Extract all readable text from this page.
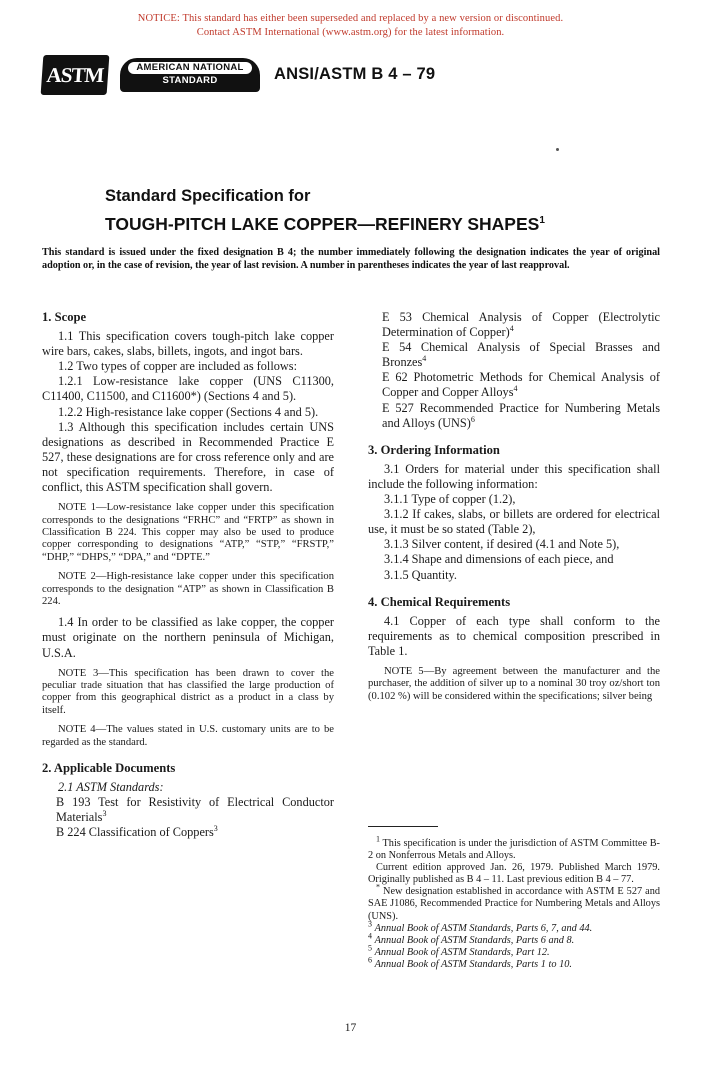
NOTICE: This standard has either been superseded and replaced by a new version or discontinued.
Contact ASTM International (www.astm.org) for the latest information.
ASTM	AMERICAN NATIONAL
STANDARD	ANSI/ASTM B 4 – 79
Standard Specification for
TOUGH-PITCH LAKE COPPER—REFINERY SHAPES$^1$
This standard is issued under the fixed designation B 4; the number immediately following the designation indicates the year of original adoption or, in the case of revision, the year of last revision. A number in parentheses indicates the year of last reapproval.
1. Scope

1.1 This specification covers tough-pitch lake copper wire bars, cakes, slabs, billets, ingots, and ingot bars.

1.2 Two types of copper are included as follows:

1.2.1 Low-resistance lake copper (UNS C11300, C11400, C11500, and C11600*) (Sections 4 and 5).

1.2.2 High-resistance lake copper (Sections 4 and 5).

1.3 Although this specification includes certain UNS designations as described in Recommended Practice E 527, these designations are for cross reference only and are not specification requirements. Therefore, in case of conflict, this ASTM specification shall govern.

NOTE 1—Low-resistance lake copper under this specification corresponds to the designations “FRHC” and “FRTP” as shown in Classification B 224. This copper may also be used to produce copper corresponding to designations “ATP,” “STP,” “FRSTP,” “DHP,” “DHPS,” “DPA,” and “DPTE.”
NOTE 2—High-resistance lake copper under this specification corresponds to the designation “ATP” as shown in Classification B 224.

1.4 In order to be classified as lake copper, the copper must originate on the northern peninsula of Michigan, U.S.A.

NOTE 3—This specification has been drawn to cover the peculiar trade situation that has classified the large production of copper from this geographical district as a product in a class by itself.
NOTE 4—The values stated in U.S. customary units are to be regarded as the standard.
2. Applicable Documents

2.1 ASTM Standards:

B 193 Test for Resistivity of Electrical Conductor Materials$^3$

B 224 Classification of Coppers$^3$

E 53 Chemical Analysis of Copper (Electrolytic Determination of Copper)$^4$

E 54 Chemical Analysis of Special Brasses and Bronzes$^4$

E 62 Photometric Methods for Chemical Analysis of Copper and Copper Alloys$^4$

E 527 Recommended Practice for Numbering Metals and Alloys (UNS)$^6$

3. Ordering Information

3.1 Orders for material under this specification shall include the following information:

3.1.1 Type of copper (1.2),

3.1.2 If cakes, slabs, or billets are ordered for electrical use, it must be so stated (Table 2),

3.1.3 Silver content, if desired (4.1 and Note 5),

3.1.4 Shape and dimensions of each piece, and

3.1.5 Quantity.

4. Chemical Requirements

4.1 Copper of each type shall conform to the requirements as to chemical composition prescribed in Table 1.

NOTE 5—By agreement between the manufacturer and the purchaser, the addition of silver up to a nominal 30 troy oz/short ton (0.102 %) will be considered within the specifications; silver being

$^1$ This specification is under the jurisdiction of ASTM Committee B-2 on Nonferrous Metals and Alloys.

Current edition approved Jan. 26, 1979. Published March 1979. Originally published as B 4 – 11. Last previous edition B 4 – 77.

* New designation established in accordance with ASTM E 527 and SAE J1086, Recommended Practice for Numbering Metals and Alloys (UNS).

$^3$ Annual Book of ASTM Standards, Parts 6, 7, and 44.

$^4$ Annual Book of ASTM Standards, Parts 6 and 8.

$^5$ Annual Book of ASTM Standards, Part 12.

$^6$ Annual Book of ASTM Standards, Parts 1 to 10.

17
